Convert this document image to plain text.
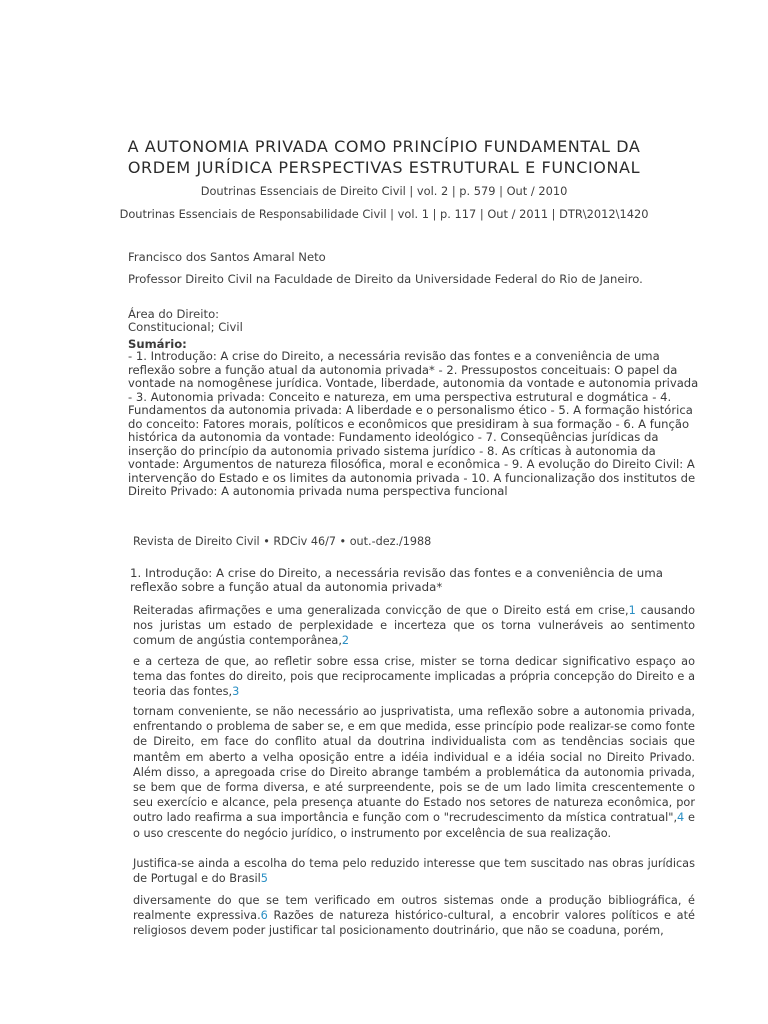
A AUTONOMIA PRIVADA COMO PRINCÍPIO FUNDAMENTAL DA
ORDEM JURÍDICA PERSPECTIVAS ESTRUTURAL E FUNCIONAL
Doutrinas Essenciais de Direito Civil | vol. 2 | p. 579 | Out / 2010
Doutrinas Essenciais de Responsabilidade Civil | vol. 1 | p. 117 | Out / 2011 | DTR\2012\1420
Francisco dos Santos Amaral Neto
Professor Direito Civil na Faculdade de Direito da Universidade Federal do Rio de Janeiro.
Área do Direito:
Constitucional; Civil
Sumário:
- 1. Introdução: A crise do Direito, a necessária revisão das fontes e a conveniência de uma reflexão sobre a função atual da autonomia privada* - 2. Pressupostos conceituais: O papel da vontade na nomogênese jurídica. Vontade, liberdade, autonomia da vontade e autonomia privada - 3. Autonomia privada: Conceito e natureza, em uma perspectiva estrutural e dogmática - 4. Fundamentos da autonomia privada: A liberdade e o personalismo ético - 5. A formação histórica do conceito: Fatores morais, políticos e econômicos que presidiram à sua formação - 6. A função histórica da autonomia da vontade: Fundamento ideológico - 7. Conseqüências jurídicas da inserção do princípio da autonomia privado sistema jurídico - 8. As críticas à autonomia da vontade: Argumentos de natureza filosófica, moral e econômica - 9. A evolução do Direito Civil: A intervenção do Estado e os limites da autonomia privada - 10. A funcionalização dos institutos de Direito Privado: A autonomia privada numa perspectiva funcional
Revista de Direito Civil • RDCiv 46/7 • out.-dez./1988
1. Introdução: A crise do Direito, a necessária revisão das fontes e a conveniência de uma reflexão sobre a função atual da autonomia privada*

Reiteradas afirmações e uma generalizada convicção de que o Direito está em crise,1 causando nos juristas um estado de perplexidade e incerteza que os torna vulneráveis ao sentimento comum de angústia contemporânea,2

e a certeza de que, ao refletir sobre essa crise, mister se torna dedicar significativo espaço ao tema das fontes do direito, pois que reciprocamente implicadas a própria concepção do Direito e a teoria das fontes,3

tornam conveniente, se não necessário ao jusprivatista, uma reflexão sobre a autonomia privada, enfrentando o problema de saber se, e em que medida, esse princípio pode realizar-se como fonte de Direito, em face do conflito atual da doutrina individualista com as tendências sociais que mantêm em aberto a velha oposição entre a idéia individual e a idéia social no Direito Privado. Além disso, a apregoada crise do Direito abrange também a problemática da autonomia privada, se bem que de forma diversa, e até surpreendente, pois se de um lado limita crescentemente o seu exercício e alcance, pela presença atuante do Estado nos setores de natureza econômica, por outro lado reafirma a sua importância e função com o "recrudescimento da mística contratual",4 e o uso crescente do negócio jurídico, o instrumento por excelência de sua realização.

Justifica-se ainda a escolha do tema pelo reduzido interesse que tem suscitado nas obras jurídicas de Portugal e do Brasil5

diversamente do que se tem verificado em outros sistemas onde a produção bibliográfica, é realmente expressiva.6 Razões de natureza histórico-cultural, a encobrir valores políticos e até religiosos devem poder justificar tal posicionamento doutrinário, que não se coaduna, porém,
